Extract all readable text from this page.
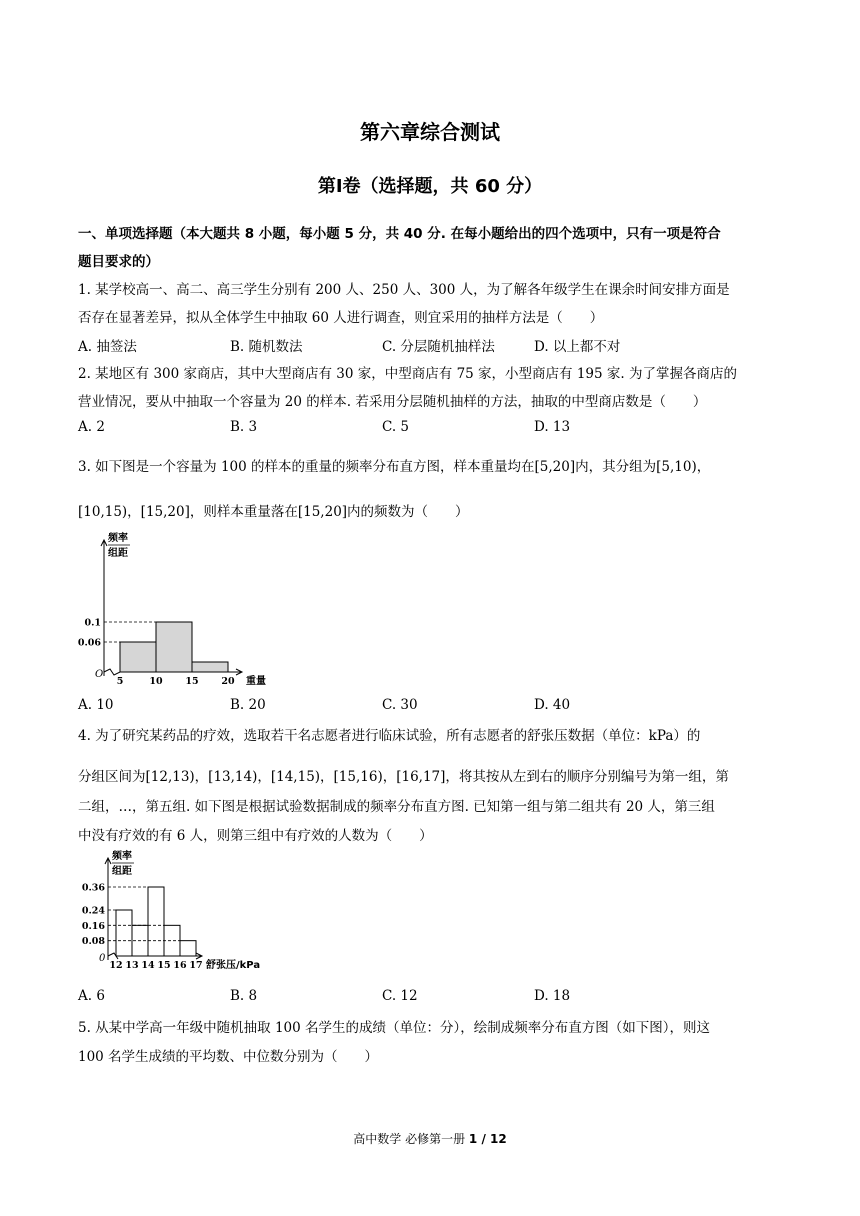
第六章综合测试
第Ⅰ卷（选择题，共 60 分）
一、单项选择题（本大题共 8 小题，每小题 5 分，共 40 分. 在每小题给出的四个选项中，只有一项是符合
题目要求的）
1. 某学校高一、高二、高三学生分别有 200 人、250 人、300 人，为了解各年级学生在课余时间安排方面是
否存在显著差异，拟从全体学生中抽取 60 人进行调查，则宜采用的抽样方法是（　　）
A. 抽签法	B. 随机数法	C. 分层随机抽样法	D. 以上都不对
2. 某地区有 300 家商店，其中大型商店有 30 家，中型商店有 75 家，小型商店有 195 家. 为了掌握各商店的
营业情况，要从中抽取一个容量为 20 的样本. 若采用分层随机抽样的方法，抽取的中型商店数是（　　）
A. 2	B. 3	C. 5	D. 13
3. 如下图是一个容量为 100 的样本的重量的频率分布直方图，样本重量均在[5,20]内，其分组为[5,10)，
[10,15)，[15,20]，则样本重量落在[15,20]内的频数为（　　）
频率
组距
重量
O
0.06
0.1
5	10 15 20
A. 10	B. 20	C. 30	D. 40
4. 为了研究某药品的疗效，选取若干名志愿者进行临床试验，所有志愿者的舒张压数据（单位：kPa）的
分组区间为[12,13)，[13,14)，[14,15)，[15,16)，[16,17]，将其按从左到右的顺序分别编号为第一组，第
二组，…，第五组. 如下图是根据试验数据制成的频率分布直方图. 已知第一组与第二组共有 20 人，第三组
中没有疗效的有 6 人，则第三组中有疗效的人数为（　　）
频率
组距
舒张压/kPa
0
0.36
0.24
0.16
0.08
12 13 14 15 16 17
A. 6	B. 8	C. 12	D. 18
5. 从某中学高一年级中随机抽取 100 名学生的成绩（单位：分），绘制成频率分布直方图（如下图），则这
100 名学生成绩的平均数、中位数分别为（　　）
高中数学 必修第一册 1 / 12
